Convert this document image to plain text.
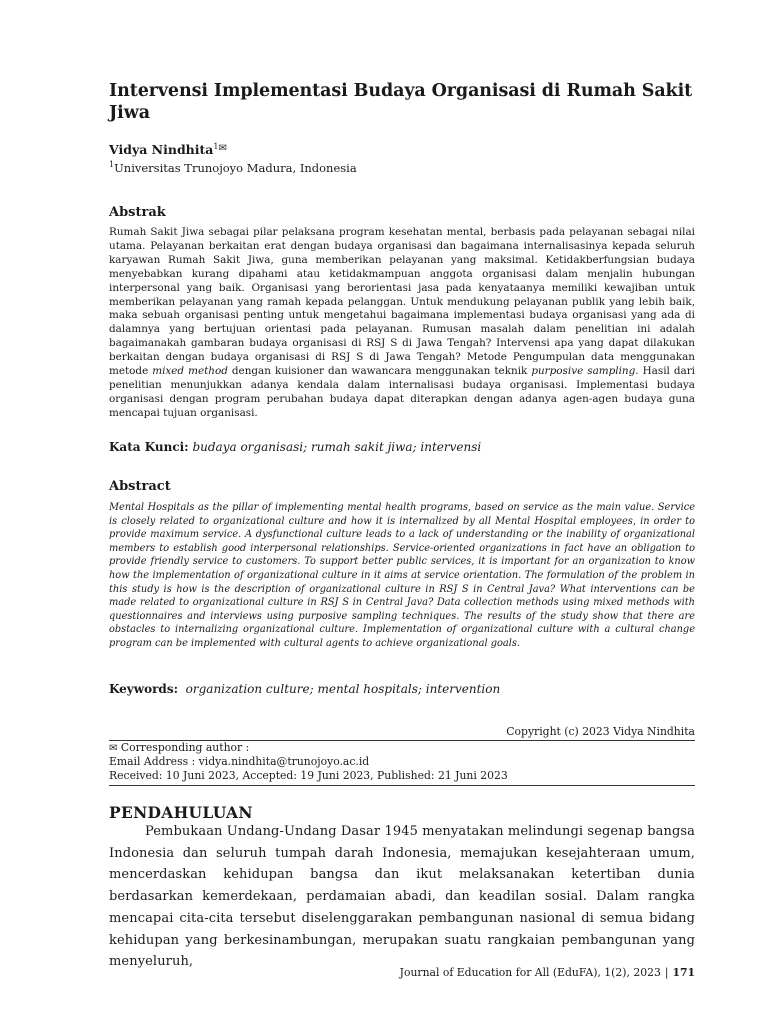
Intervensi Implementasi Budaya Organisasi di Rumah Sakit Jiwa
Vidya Nindhita$^{1✉}$
$^1$Universitas Trunojoyo Madura, Indonesia
Abstrak

Rumah Sakit Jiwa sebagai pilar pelaksana program kesehatan mental, berbasis pada pelayanan sebagai nilai utama. Pelayanan berkaitan erat dengan budaya organisasi dan bagaimana internalisasinya kepada seluruh karyawan Rumah Sakit Jiwa, guna memberikan pelayanan yang maksimal. Ketidakberfungsian budaya menyebabkan kurang dipahami atau ketidakmampuan anggota organisasi dalam menjalin hubungan interpersonal yang baik. Organisasi yang berorientasi jasa pada kenyataanya memiliki kewajiban untuk memberikan pelayanan yang ramah kepada pelanggan. Untuk mendukung pelayanan publik yang lebih baik, maka sebuah organisasi penting untuk mengetahui bagaimana implementasi budaya organisasi yang ada di dalamnya yang bertujuan orientasi pada pelayanan. Rumusan masalah dalam penelitian ini adalah bagaimanakah gambaran budaya organisasi di RSJ S di Jawa Tengah? Intervensi apa yang dapat dilakukan berkaitan dengan budaya organisasi di RSJ S di Jawa Tengah? Metode Pengumpulan data menggunakan metode mixed method dengan kuisioner dan wawancara menggunakan teknik purposive sampling. Hasil dari penelitian menunjukkan adanya kendala dalam internalisasi budaya organisasi. Implementasi budaya organisasi dengan program perubahan budaya dapat diterapkan dengan adanya agen-agen budaya guna mencapai tujuan organisasi.

Kata Kunci: budaya organisasi; rumah sakit jiwa; intervensi
Abstract

Mental Hospitals as the pillar of implementing mental health programs, based on service as the main value. Service is closely related to organizational culture and how it is internalized by all Mental Hospital employees, in order to provide maximum service. A dysfunctional culture leads to a lack of understanding or the inability of organizational members to establish good interpersonal relationships. Service-oriented organizations in fact have an obligation to provide friendly service to customers. To support better public services, it is important for an organization to know how the implementation of organizational culture in it aims at service orientation. The formulation of the problem in this study is how is the description of organizational culture in RSJ S in Central Java? What interventions can be made related to organizational culture in RSJ S in Central Java? Data collection methods using mixed methods with questionnaires and interviews using purposive sampling techniques. The results of the study show that there are obstacles to internalizing organizational culture. Implementation of organizational culture with a cultural change program can be implemented with cultural agents to achieve organizational goals.

Keywords: organization culture; mental hospitals; intervention
Copyright (c) 2023 Vidya Nindhita
✉ Corresponding author :
Email Address : vidya.nindhita@trunojoyo.ac.id
Received: 10 Juni 2023, Accepted: 19 Juni 2023, Published: 21 Juni 2023
PENDAHULUAN

Pembukaan Undang-Undang Dasar 1945 menyatakan melindungi segenap bangsa Indonesia dan seluruh tumpah darah Indonesia, memajukan kesejahteraan umum, mencerdaskan kehidupan bangsa dan ikut melaksanakan ketertiban dunia berdasarkan kemerdekaan, perdamaian abadi, dan keadilan sosial. Dalam rangka mencapai cita-cita tersebut diselenggarakan pembangunan nasional di semua bidang kehidupan yang berkesinambungan, merupakan suatu rangkaian pembangunan yang menyeluruh,

Journal of Education for All (EduFA), 1(2), 2023 | 171
